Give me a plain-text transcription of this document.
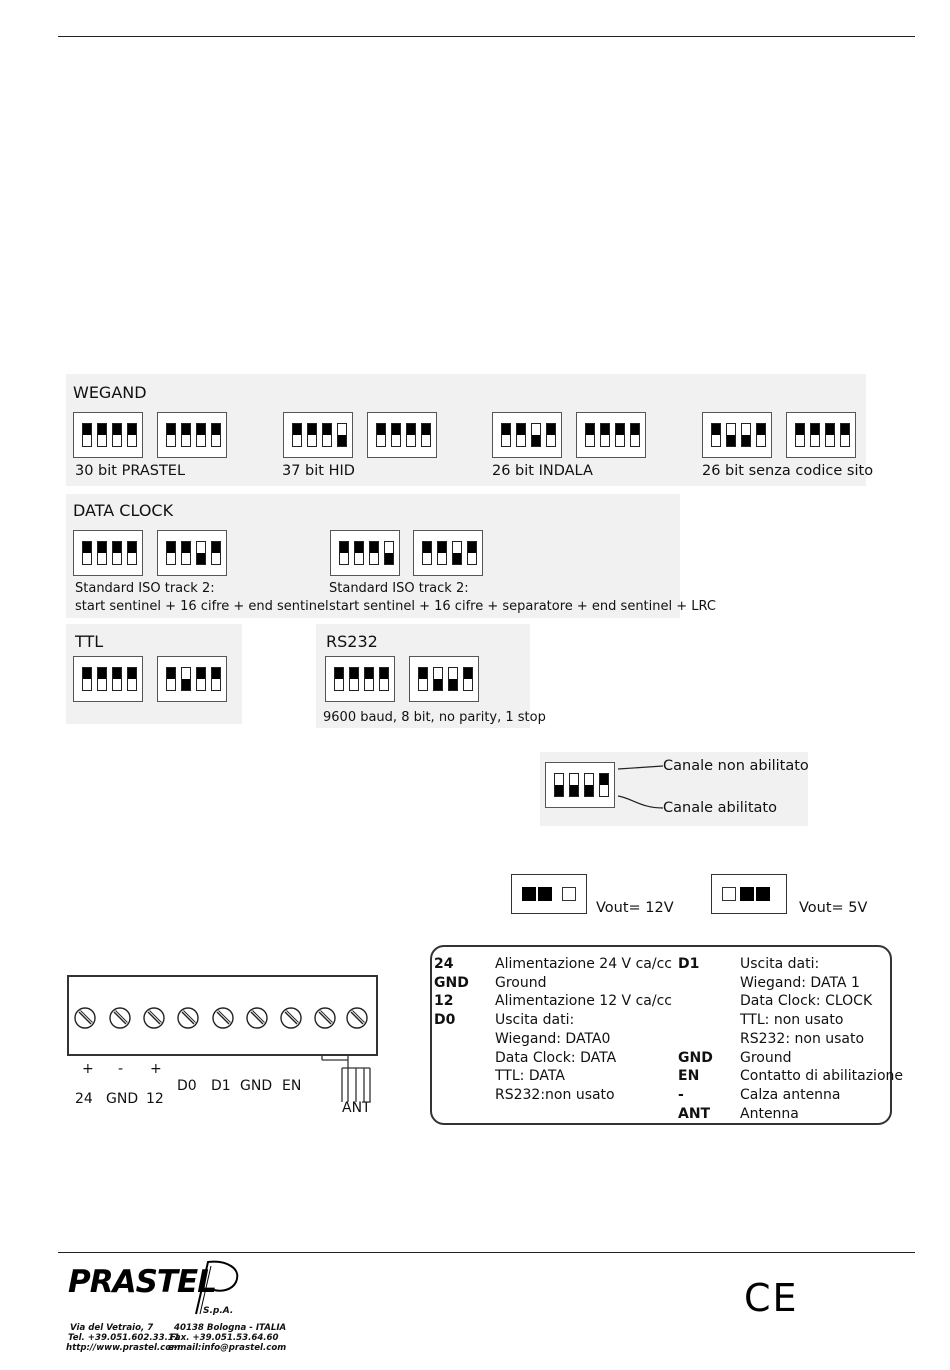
WEGAND
30 bit PRASTEL	37 bit HID	26 bit INDALA	26 bit senza codice sito
DATA CLOCK
Standard ISO track 2:
start sentinel + 16 cifre + end sentinel
Standard ISO track 2:
start sentinel + 16 cifre + separatore + end sentinel + LRC
TTL	RS232
9600 baud, 8 bit, no parity, 1 stop
Canale non abilitato
Canale abilitato
Vout= 12V	Vout= 5V
+ - +
24 GND 12
D0 D1 GND EN
ANT
PRASTEL
S.p.A.
Via del Vetraio, 7
Tel. +39.051.602.33.11
http://www.prastel.com
40138 Bologna - ITALIA
Fax. +39.051.53.64.60
e-mail:info@prastel.com
CE
24	Alimentazione 24 V ca/cc
GND Ground
12	Alimentazione 12 V ca/cc
D0	Uscita dati:
Wiegand: DATA0
Data Clock: DATA
TTL: DATA
RS232:non usato
D1	Uscita dati:
Wiegand: DATA 1
Data Clock: CLOCK
TTL: non usato
RS232: non usato
GND Ground
EN	Contatto di abilitazione
-	Calza antenna
ANT Antenna
